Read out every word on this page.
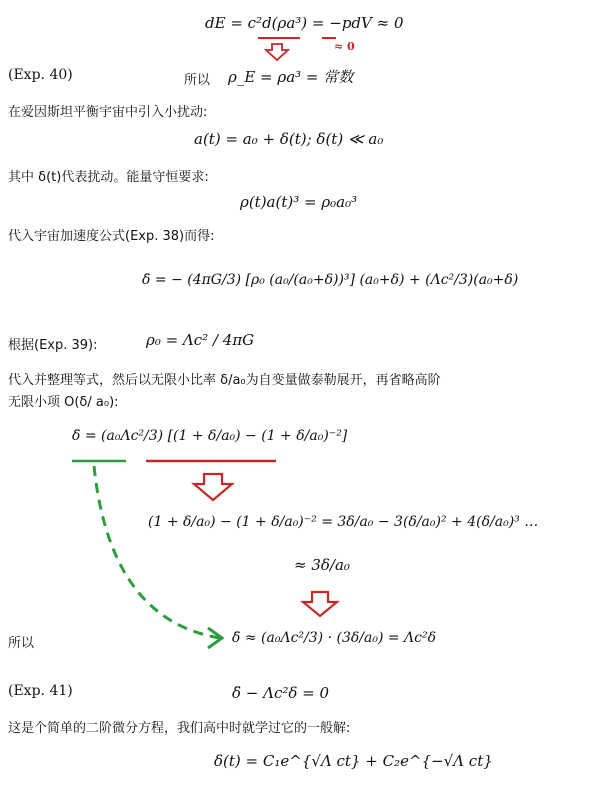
dE = c²d(ρa³) = −pdV ≈ 0
≈ 0
(Exp. 40)	所以 ρ_E = ρa³ = 常数
在爱因斯坦平衡宇宙中引入小扰动:
a(t) = a₀ + δ(t); δ(t) ≪ a₀
其中 δ(t)代表扰动。能量守恒要求:
ρ(t)a(t)³ = ρ₀a₀³
代入宇宙加速度公式(Exp. 38)而得:
δ̈ = − (4πG/3) [ρ₀ (a₀/(a₀+δ))³] (a₀+δ) + (Λc²/3)(a₀+δ)
根据(Exp. 39):	ρ₀ = Λc² / 4πG
代入并整理等式，然后以无限小比率 δ/a₀为自变量做泰勒展开，再省略高阶
无限小项 O(δ/ a₀):
δ̈ = (a₀Λc²/3) [(1 + δ/a₀) − (1 + δ/a₀)⁻²]
(1 + δ/a₀) − (1 + δ/a₀)⁻² = 3δ/a₀ − 3(δ/a₀)² + 4(δ/a₀)³ …
≈ 3δ/a₀
所以	δ̈ ≈ (a₀Λc²/3) · (3δ/a₀) = Λc²δ
(Exp. 41)	δ̈ − Λc²δ = 0
这是个简单的二阶微分方程，我们高中时就学过它的一般解:
δ(t) = C₁e^{√Λ ct} + C₂e^{−√Λ ct}
